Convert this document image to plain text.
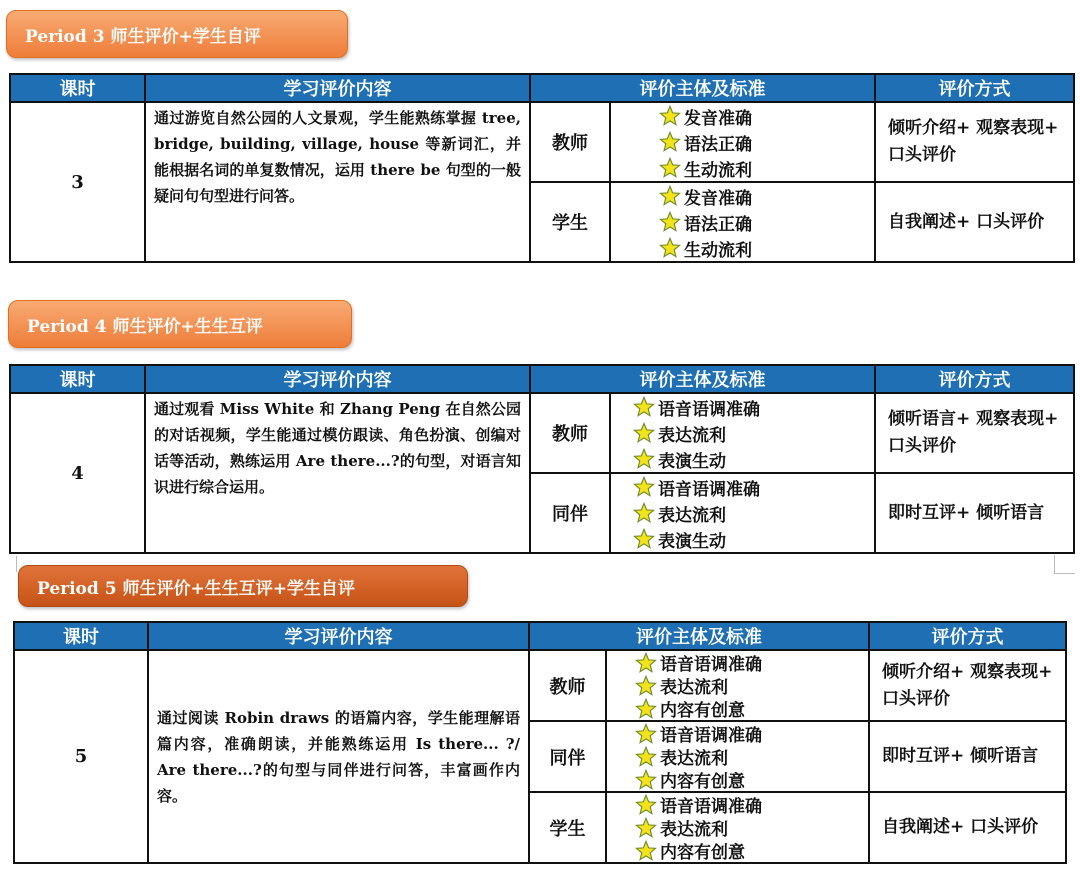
Period 3 师生评价+学生自评
课时	学习评价内容	评价主体及标准		评价方式
3	通过游览自然公园的人文景观，学生能熟练掌握 tree, bridge, building, village, house 等新词汇，并能根据名词的单复数情况，运用 there be 句型的一般疑问句句型进行问答。	教师	发音准确
语法正确
生动流利	倾听介绍+ 观察表现+ 口头评价
		学生	发音准确
语法正确
生动流利	自我阐述+ 口头评价
Period 4 师生评价+生生互评
课时	学习评价内容	评价主体及标准		评价方式
4	通过观看 Miss White 和 Zhang Peng 在自然公园的对话视频，学生能通过模仿跟读、角色扮演、创编对话等活动，熟练运用 Are there...?的句型，对语言知识进行综合运用。	教师	语音语调准确
表达流利
表演生动	倾听语言+ 观察表现+ 口头评价
		同伴	语音语调准确
表达流利
表演生动	即时互评+ 倾听语言
Period 5 师生评价+生生互评+学生自评
课时	学习评价内容	评价主体及标准		评价方式
5	通过阅读 Robin draws 的语篇内容，学生能理解语篇内容，准确朗读，并能熟练运用 Is there... ?/ Are there...?的句型与同伴进行问答，丰富画作内容。	教师	语音语调准确
表达流利
内容有创意	倾听介绍+ 观察表现+ 口头评价
		同伴	语音语调准确
表达流利
内容有创意	即时互评+ 倾听语言
		学生	语音语调准确
表达流利
内容有创意	自我阐述+ 口头评价
